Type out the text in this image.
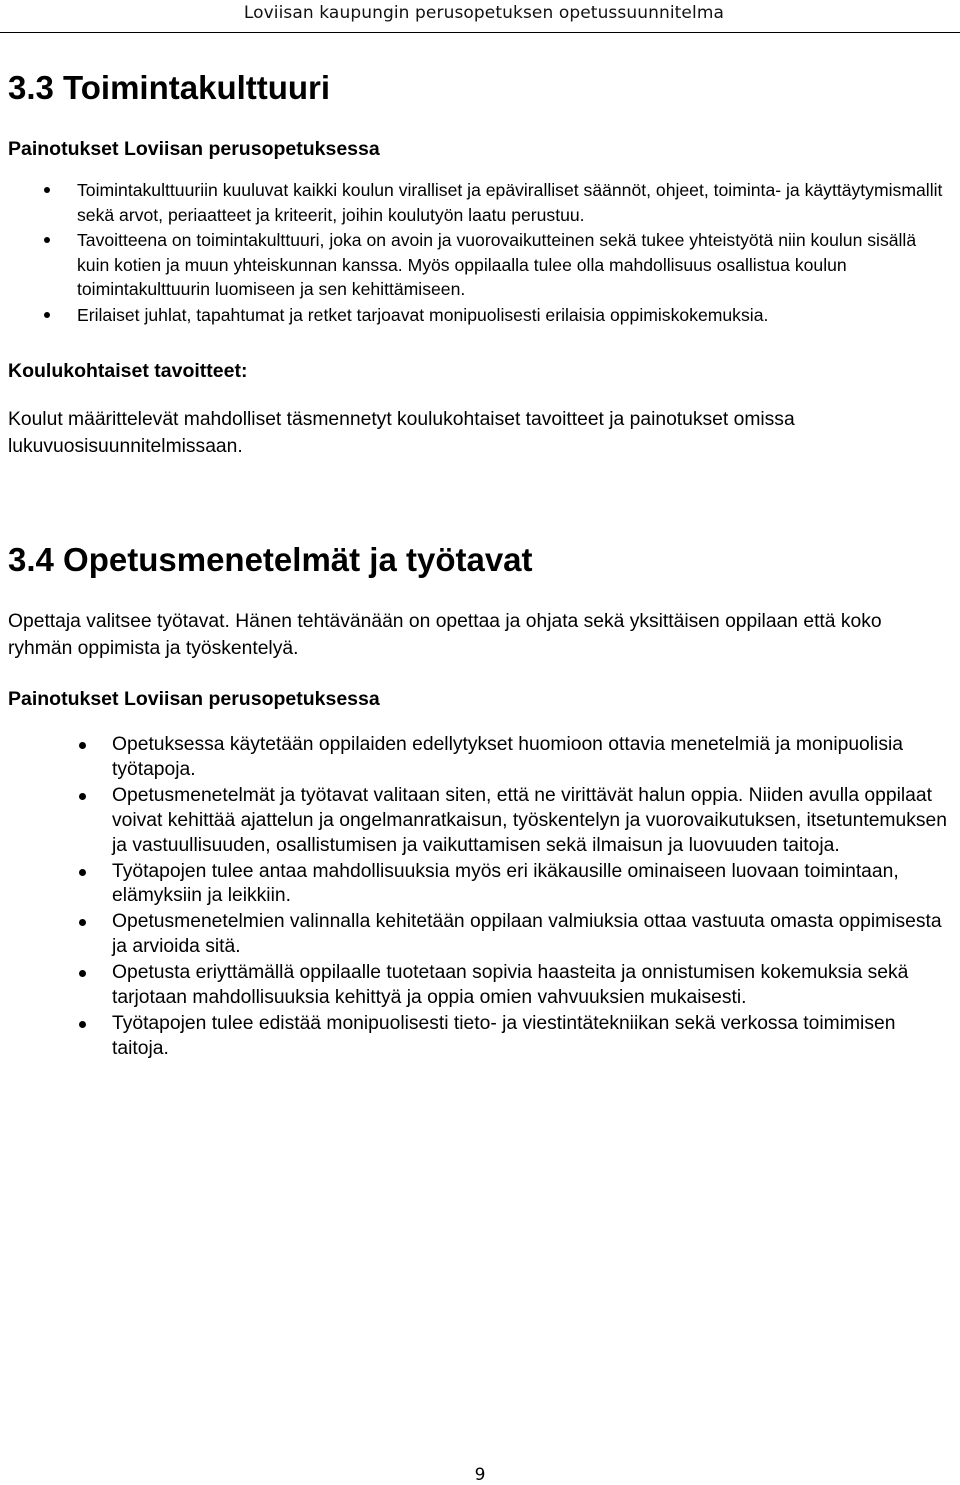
Loviisan kaupungin perusopetuksen opetussuunnitelma
3.3 Toimintakulttuuri
Painotukset Loviisan perusopetuksessa
Toimintakulttuuriin kuuluvat kaikki koulun viralliset ja epäviralliset säännöt, ohjeet, toiminta- ja käyttäytymismallit sekä arvot, periaatteet ja kriteerit, joihin koulutyön laatu perustuu.
Tavoitteena on toimintakulttuuri, joka on avoin ja vuorovaikutteinen sekä tukee yhteistyötä niin koulun sisällä kuin kotien ja muun yhteiskunnan kanssa. Myös oppilaalla tulee olla mahdollisuus osallistua koulun toimintakulttuurin luomiseen ja sen kehittämiseen.
Erilaiset juhlat, tapahtumat ja retket tarjoavat monipuolisesti erilaisia oppimiskokemuksia.
Koulukohtaiset tavoitteet:

Koulut määrittelevät mahdolliset täsmennetyt koulukohtaiset tavoitteet ja painotukset omissa lukuvuosisuunnitelmissaan.

3.4 Opetusmenetelmät ja työtavat

Opettaja valitsee työtavat. Hänen tehtävänään on opettaa ja ohjata sekä yksittäisen oppilaan että koko ryhmän oppimista ja työskentelyä.

Painotukset Loviisan perusopetuksessa
Opetuksessa käytetään oppilaiden edellytykset huomioon ottavia menetelmiä ja monipuolisia työtapoja.
Opetusmenetelmät ja työtavat valitaan siten, että ne virittävät halun oppia. Niiden avulla oppilaat voivat kehittää ajattelun ja ongelmanratkaisun, työskentelyn ja vuorovaikutuksen, itsetuntemuksen ja vastuullisuuden, osallistumisen ja vaikuttamisen sekä ilmaisun ja luovuuden taitoja.
Työtapojen tulee antaa mahdollisuuksia myös eri ikäkausille ominaiseen luovaan toimintaan, elämyksiin ja leikkiin.
Opetusmenetelmien valinnalla kehitetään oppilaan valmiuksia ottaa vastuuta omasta oppimisesta ja arvioida sitä.
Opetusta eriyttämällä oppilaalle tuotetaan sopivia haasteita ja onnistumisen kokemuksia sekä tarjotaan mahdollisuuksia kehittyä ja oppia omien vahvuuksien mukaisesti.
Työtapojen tulee edistää monipuolisesti tieto- ja viestintätekniikan sekä verkossa toimimisen taitoja.
9
